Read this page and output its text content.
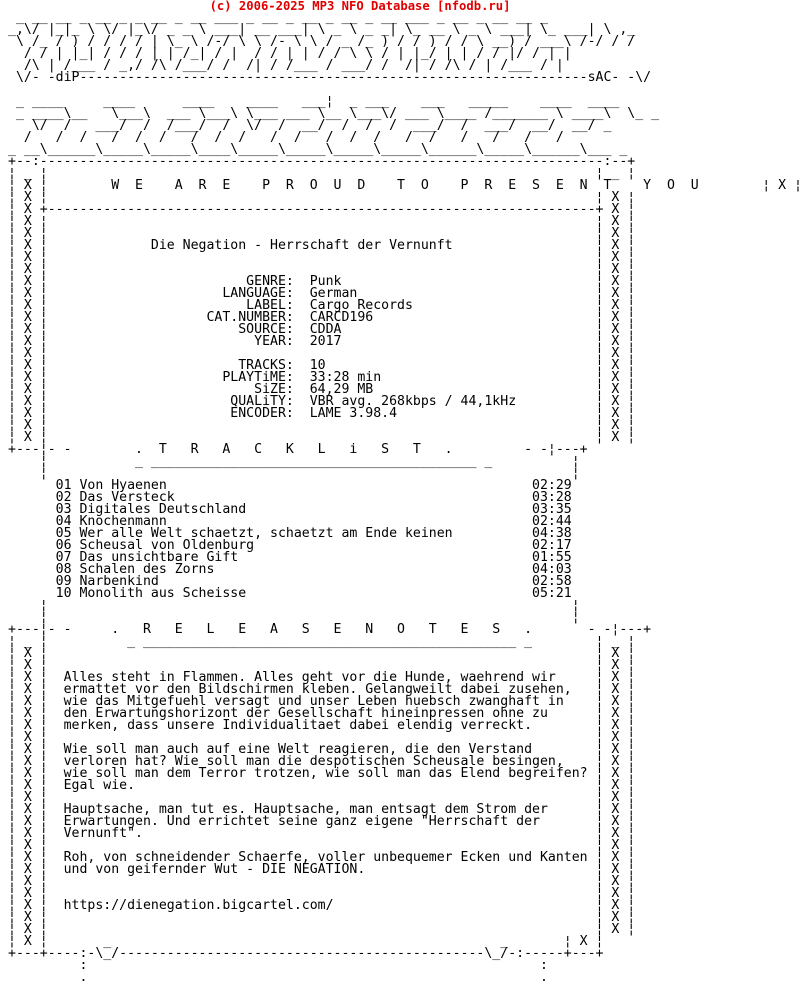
(c) 2006-2025 MP3 NFO Database [nfodb.ru]
_ __ __ _ __ _ _ __ _ __ ___ _ __ _ __ _ __ _ __ ___ _ __ _ __ __ _
_,\/ |_|_ \ \/ |_\/ _ _ \ ___| __ ___| \ _ \ _ _| \_ __ \ _ \ ___| \_ ___| \ ,_
\ /_ / ) / / / / | \_ \ /-/ \ \ /- \ \ / _ /_ ) / / ) / / \ __) / ___\ /-/ / /
/ / | |_| / / / | | /_| / |  / / | | / / \ \ / | |_/ | | / / |/ / | |
/\ | /___ / _,/ /\ /___/ /  /| / /___ / ___/ /  /| / /\ / | /___ / |
\/- -diP----------------------------------------------------------------sAC- -\/

_ ____     ____      ____    ____   ___¦  _ ___    ___   _____    ____  ____
_ ____\__   \___\  ___ \___\ \___ ___ \__ \___\/ ___ \____ /_______ \ ____\  \_ _
\/  /   ___/  /  /___/  /  \/  /  __/  /  /  /  ___/  /  ___/  __/  __/ _
/   /  /   /  /  /   /  /  /   /  /   /  /  /   /  /   /   /   /   /
_ __\______\_____\_____\____\_____\_____\_____\_____\______\_____\______\___ _
+--:-----------------------------------------------------------------------:--+
¦ _ ¦                                                                     ¦ _ ¦
¦ X ¦        W  E    A  R  E    P  R  O  U  D    T  O    P  R  E  S  E  N  T    Y  O  U        ¦ X ¦
¦ X ¦                                                                     ¦ X ¦
¦ X +---------------------------------------------------------------------+ X ¦
¦ X ¦                                                                     ¦ X ¦
¦ X ¦                                                                     ¦ X ¦
¦ X ¦             Die Negation - Herrschaft der Vernunft                  ¦ X ¦
¦ X ¦                                                                     ¦ X ¦
¦ X ¦                                                                     ¦ X ¦
¦ X ¦                         GENRE:  Punk                                ¦ X ¦
¦ X ¦                      LANGUAGE:  German                              ¦ X ¦
¦ X ¦                         LABEL:  Cargo Records                       ¦ X ¦
¦ X ¦                    CAT.NUMBER:  CARCD196                            ¦ X ¦
¦ X ¦                        SOURCE:  CDDA                                ¦ X ¦
¦ X ¦                          YEAR:  2017                                ¦ X ¦
¦ X ¦                                                                     ¦ X ¦
¦ X ¦                        TRACKS:  10                                  ¦ X ¦
¦ X ¦                      PLAYTiME:  33:28 min                           ¦ X ¦
¦ X ¦                          SiZE:  64,29 MB                            ¦ X ¦
¦ X ¦                       QUALiTY:  VBR avg. 268kbps / 44,1kHz          ¦ X ¦
¦ X ¦                       ENCODER:  LAME 3.98.4                         ¦ X ¦
¦ X ¦                                                                     ¦ X ¦
¦ X ¦                                                                     ¦ X ¦
+---¦- -        .  T   R   A   C   K   L   i   S   T   .         - -¦---+
¦           _ _________________________________________ _          ¦
¦                                                                  ¦
01 Von Hyaenen                                              02:29
02 Das Versteck                                             03:28
03 Digitales Deutschland                                    03:35
04 Knochenmann                                              02:44
05 Wer alle Welt schaetzt, schaetzt am Ende keinen          04:38
06 Scheusal von Oldenburg                                   02:17
07 Das unsichtbare Gift                                     01:55
08 Schalen des Zorns                                        04:03
09 Narbenkind                                               02:58
10 Monolith aus Scheisse                                    05:21
¦                                                                  ¦
¦                                                                  ¦
+---¦- -     .   R   E   L   E   A   S   E   N   O   T   E   S   .       - -¦---+
¦ _ ¦          _ _______________________________________________ _        ¦ _ ¦
¦ X ¦                                                                     ¦ X ¦
¦ X ¦                                                                     ¦ X ¦
¦ X ¦  Alles steht in Flammen. Alles geht vor die Hunde, waehrend wir     ¦ X ¦
¦ X ¦  ermattet vor den Bildschirmen kleben. Gelangweilt dabei zusehen,   ¦ X ¦
¦ X ¦  wie das Mitgefuehl versagt und unser Leben huebsch zwanghaft in    ¦ X ¦
¦ X ¦  den Erwartungshorizont der Gesellschaft hineinpressen ohne zu      ¦ X ¦
¦ X ¦  merken, dass unsere Individualitaet dabei elendig verreckt.        ¦ X ¦
¦ X ¦                                                                     ¦ X ¦
¦ X ¦  Wie soll man auch auf eine Welt reagieren, die den Verstand        ¦ X ¦
¦ X ¦  verloren hat? Wie soll man die despotischen Scheusale besingen,    ¦ X ¦
¦ X ¦  wie soll man dem Terror trotzen, wie soll man das Elend begreifen? ¦ X ¦
¦ X ¦  Egal wie.                                                          ¦ X ¦
¦ X ¦                                                                     ¦ X ¦
¦ X ¦  Hauptsache, man tut es. Hauptsache, man entsagt dem Strom der      ¦ X ¦
¦ X ¦  Erwartungen. Und errichtet seine ganz eigene "Herrschaft der       ¦ X ¦
¦ X ¦  Vernunft".                                                         ¦ X ¦
¦ X ¦                                                                     ¦ X ¦
¦ X ¦  Roh, von schneidender Schaerfe, voller unbequemer Ecken und Kanten ¦ X ¦
¦ X ¦  und von geifernder Wut - DIE NEGATION.                             ¦ X ¦
¦ X ¦                                                                     ¦ X ¦
¦ X ¦                                                                     ¦ X ¦
¦ X ¦  https://dienegation.bigcartel.com/                                 ¦ X ¦
¦ X ¦                                                                     ¦ X ¦
¦ X ¦                                                                     ¦ X ¦
¦ X ¦       _                                                 _       ¦ X ¦
+---+----:-\_/----------------------------------------------\_/-:-----+---+
:                                                         :
.                                                         .
